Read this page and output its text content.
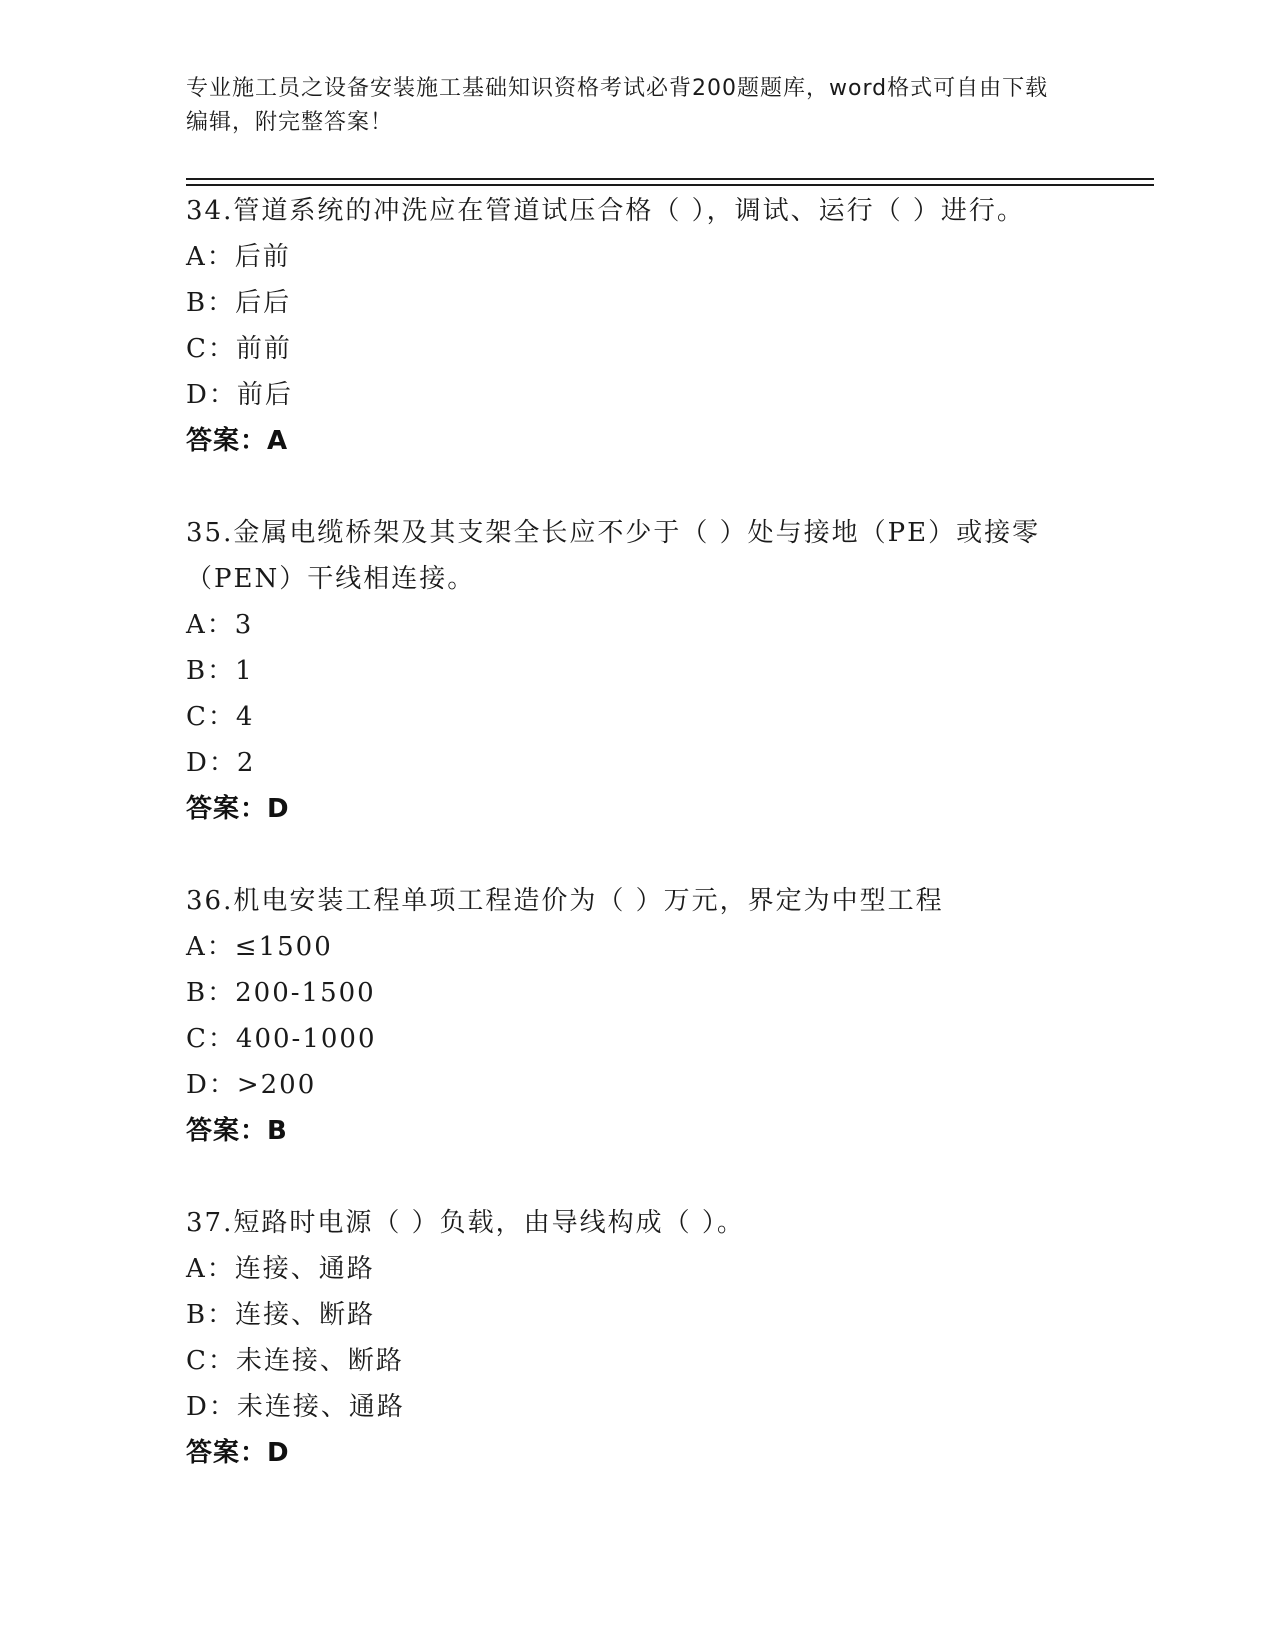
专业施工员之设备安装施工基础知识资格考试必背200题题库，word格式可自由下载编辑，附完整答案！

34.管道系统的冲洗应在管道试压合格（ ），调试、运行（ ）进行。

A： 后前
B： 后后
C： 前前
D： 前后
答案：A

35.金属电缆桥架及其支架全长应不少于（ ）处与接地（PE）或接零（PEN）干线相连接。

A： 3
B： 1
C： 4
D： 2
答案：D

36.机电安装工程单项工程造价为（ ）万元，界定为中型工程

A： ≤1500
B： 200-1500
C： 400-1000
D： >200
答案：B

37.短路时电源（ ）负载，由导线构成（ ）。

A： 连接、通路
B： 连接、断路
C： 未连接、断路
D： 未连接、通路
答案：D
